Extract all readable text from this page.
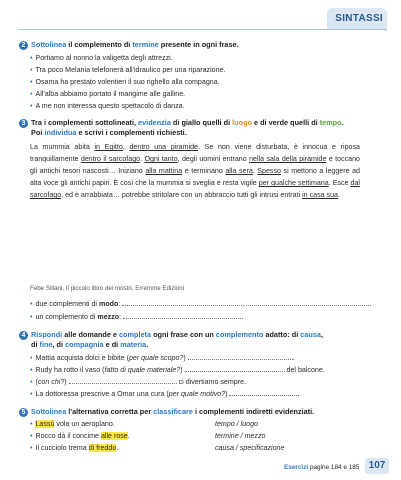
SINTASSI
2 Sottolinea il complemento di termine presente in ogni frase.
• Portiamo al nonno la valigetta degli attrezzi.
• Tra poco Melania telefonerà all'idraulico per una riparazione.
• Osama ha prestato volentieri il suo righello alla compagna.
• All'alba abbiamo portato il mangime alle galline.
• A me non interessa questo spettacolo di danza.
3 Tra i complementi sottolineati, evidenzia di giallo quelli di luogo e di verde quelli di tempo.
Poi individua e scrivi i complementi richiesti.
La mummia abita in Egitto, dentro una piramide. Se non viene disturbata, è innocua e riposa tranquillamente dentro il sarcofago. Ogni tanto, degli uomini entrano nella sala della piramide e toccano gli antichi tesori nascosti… Iniziano alla mattina e terminano alla sera. Spesso si mettono a leggere ad alta voce gli antichi papiri. È così che la mummia si sveglia e resta vigile per qualche settimana. Esce dal sarcofago, ed è arrabbiata… potrebbe stritolare con un abbraccio tutti gli intrusi entrati in casa sua.
Febe Sillani, Il piccolo libro dei mostri, Erremme Edizioni
• due complementi di modo:	,
• un complemento di mezzo:
4 Rispondi alle domande e completa ogni frase con un complemento adatto: di causa,
di fine, di compagnia e di materia.
• Mattia acquista dolci e bibite (per quale scopo?)	.
• Rudy ha rotto il vaso (fatto di quale materiale?)	del balcone.
• (con chi?)	ci divertiamo sempre.
• La dottoressa prescrive a Omar una cura (per quale motivo?)
5 Sottolinea l'alternativa corretta per classificare i complementi indiretti evidenziati.
• Lassù vola un aeroplano.	tempo / luogo
• Rocco dà il concime alle rose.	termine / mezzo
• Il cucciolo trema di freddo.	causa / specificazione
Esercizi pagine 184 e 185 107
